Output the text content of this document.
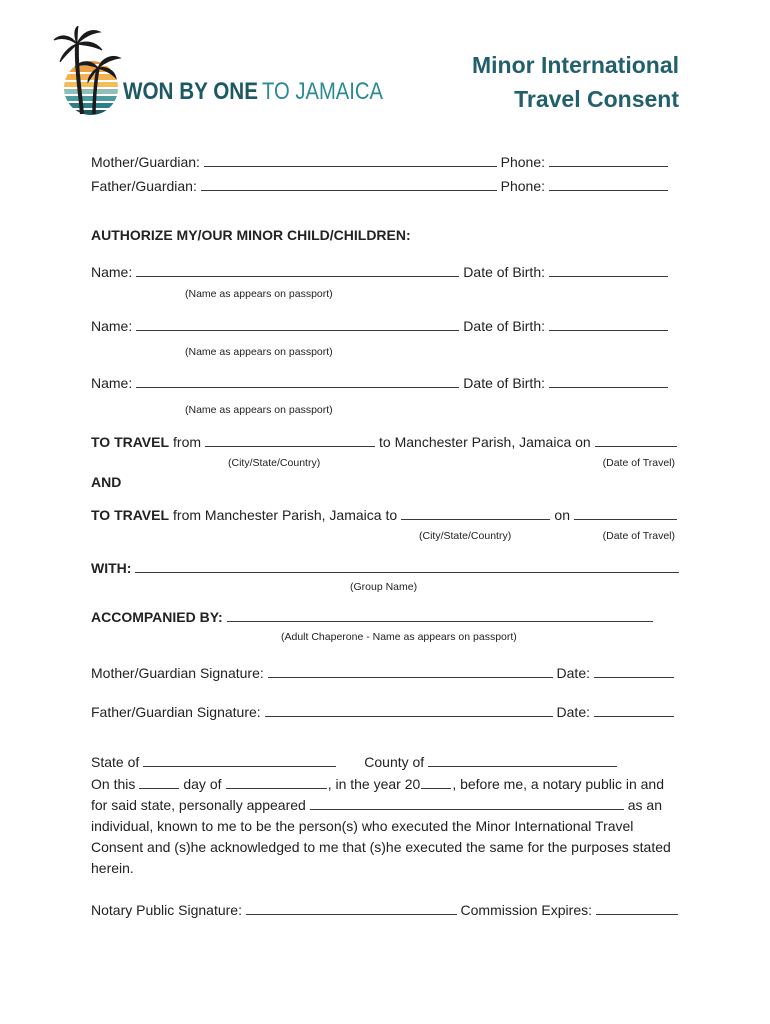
WON BY ONE TO JAMAICA
Minor International
Travel Consent
Mother/Guardian:	Phone:
Father/Guardian:	Phone:
AUTHORIZE MY/OUR MINOR CHILD/CHILDREN:
Name:	Date of Birth:
(Name as appears on passport)
Name:	Date of Birth:
(Name as appears on passport)
Name:	Date of Birth:
(Name as appears on passport)
TO TRAVEL from	to Manchester Parish, Jamaica on
(City/State/Country)	(Date of Travel)
AND
TO TRAVEL from Manchester Parish, Jamaica to	on
(City/State/Country)	(Date of Travel)
WITH:
(Group Name)
ACCOMPANIED BY:
(Adult Chaperone - Name as appears on passport)
Mother/Guardian Signature:	Date:
Father/Guardian Signature:	Date:
State of	County of
On this	day of	, in the year 20 , before me, a notary public in and
for said state, personally appeared	as an
individual, known to me to be the person(s) who executed the Minor International Travel
Consent and (s)he acknowledged to me that (s)he executed the same for the purposes stated
herein.
Notary Public Signature:	Commission Expires:
